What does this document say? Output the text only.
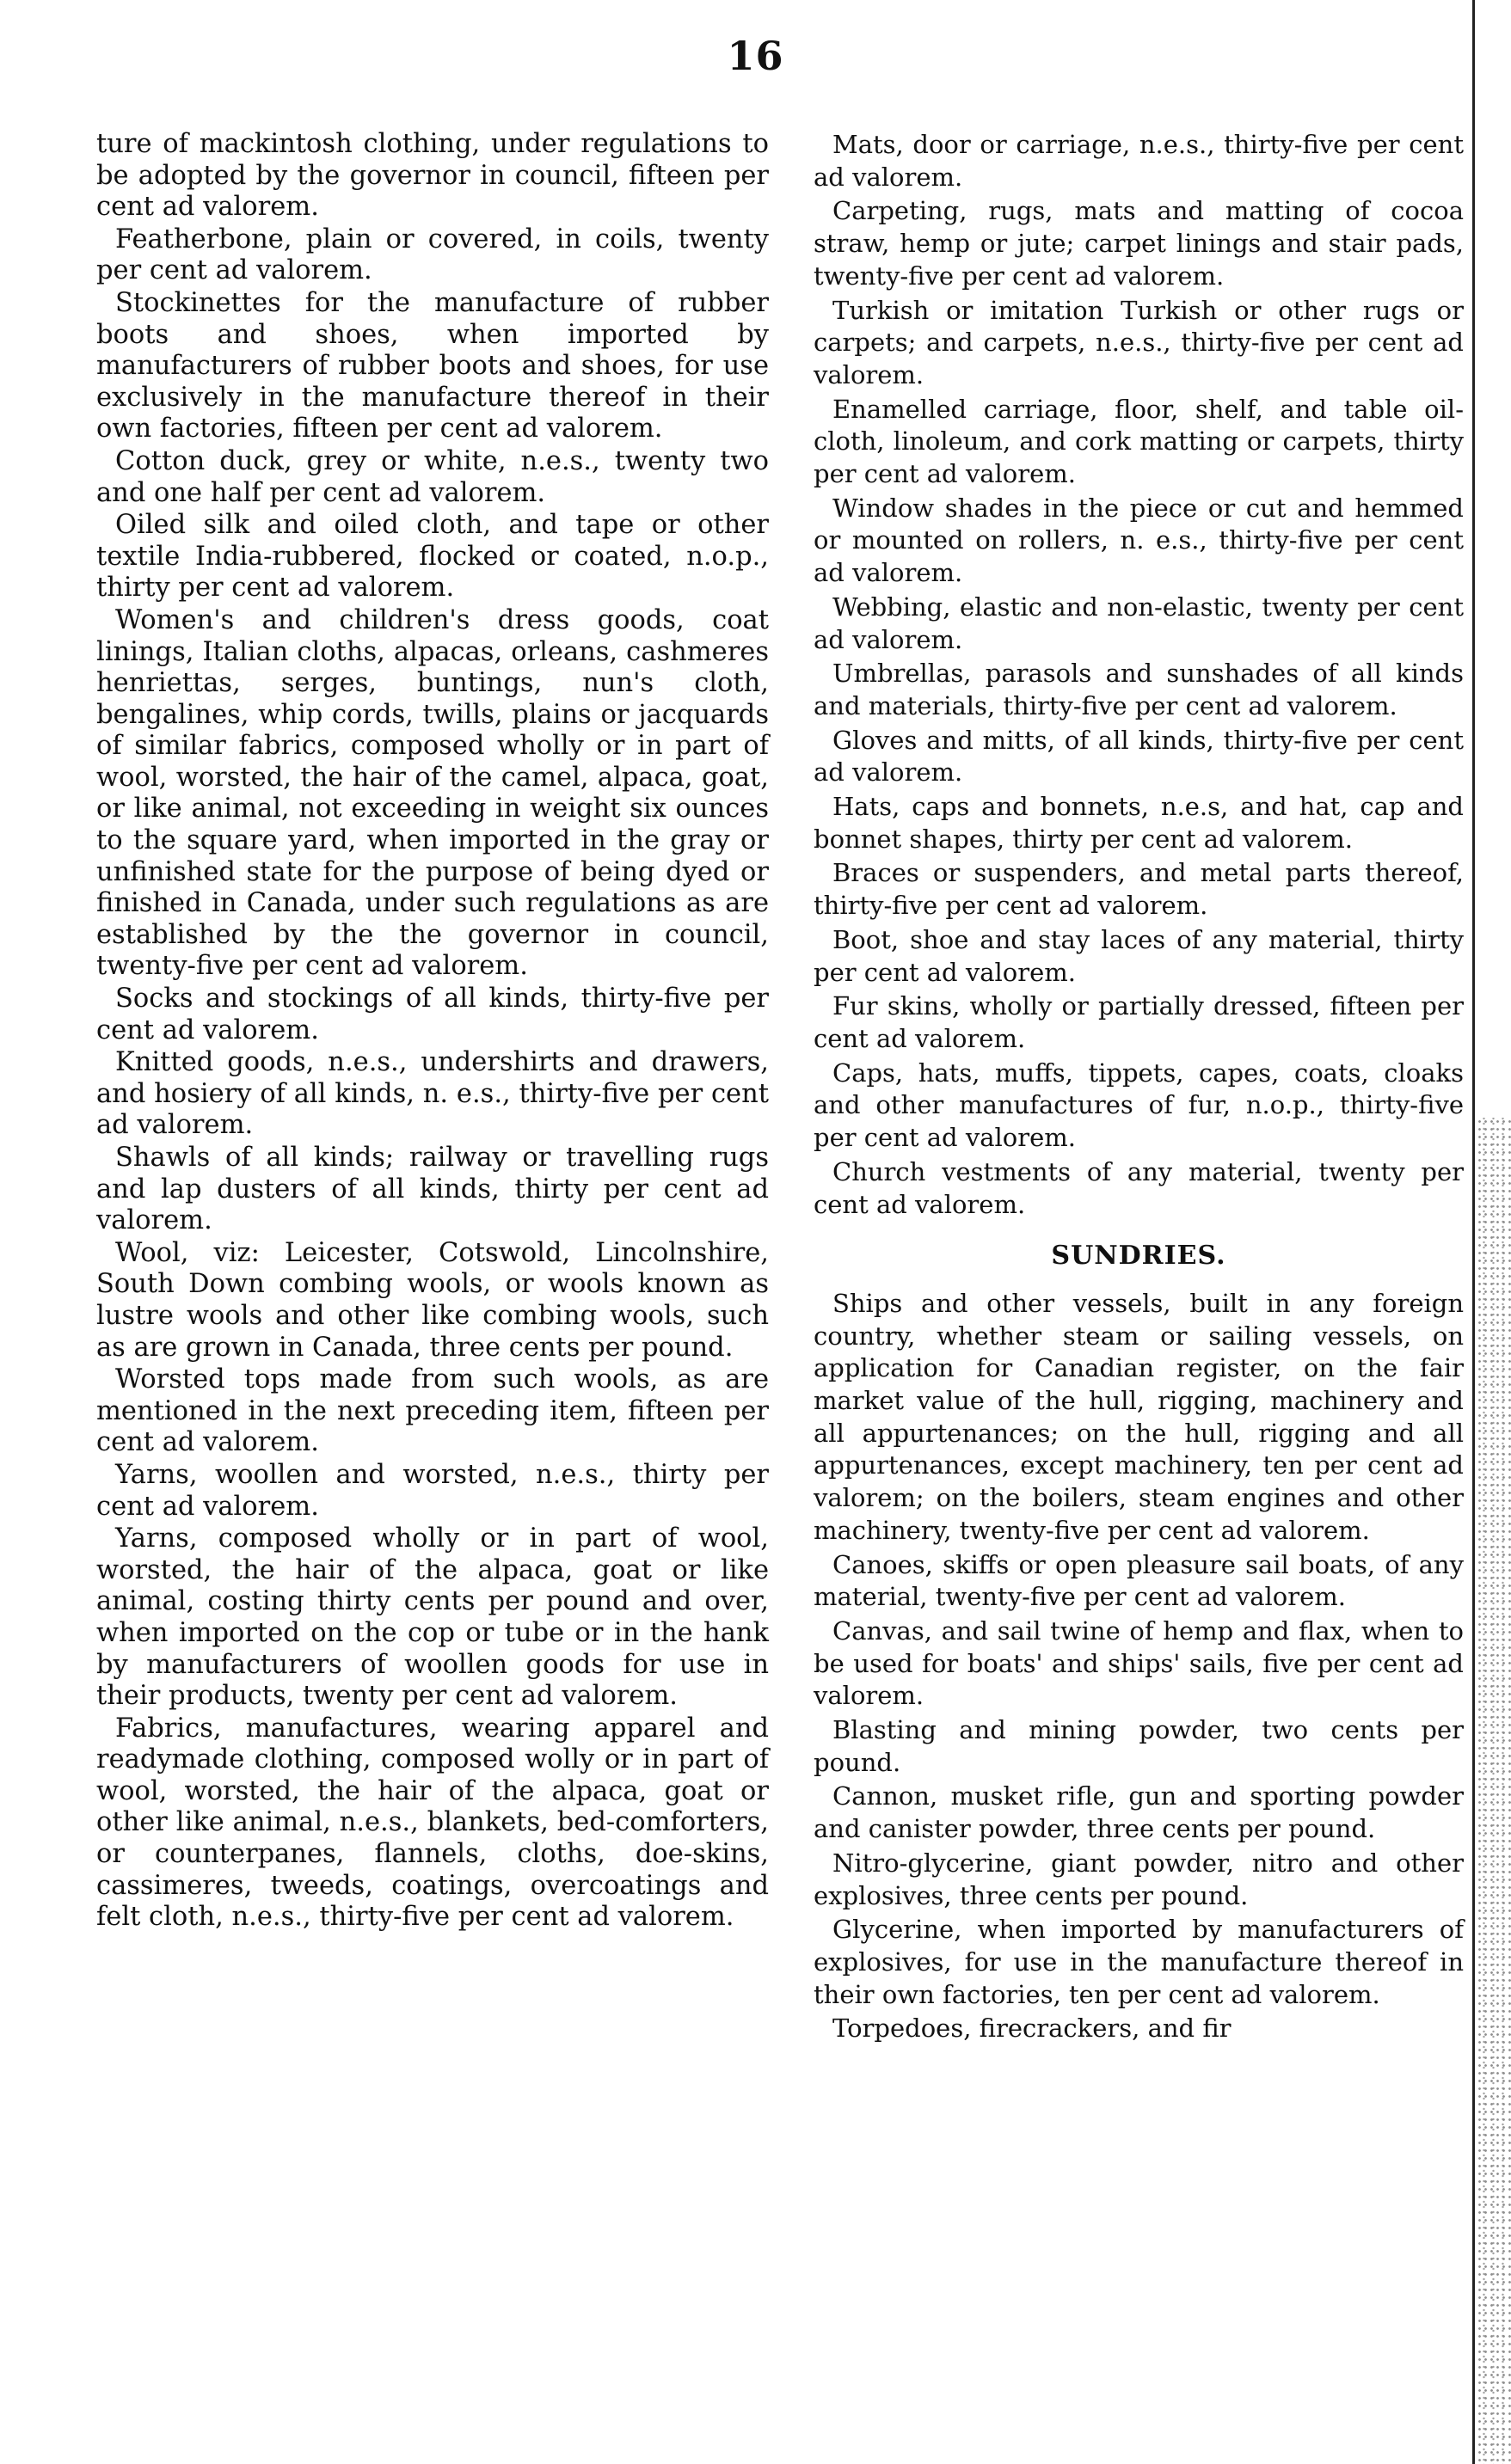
16

ture of mackintosh clothing, under regulations to be adopted by the governor in council, fifteen per cent ad valorem.

Featherbone, plain or covered, in coils, twenty per cent ad valorem.

Stockinettes for the manufacture of rubber boots and shoes, when imported by manufacturers of rubber boots and shoes, for use exclusively in the manufacture thereof in their own factories, fifteen per cent ad valorem.

Cotton duck, grey or white, n.e.s., twenty two and one half per cent ad valorem.

Oiled silk and oiled cloth, and tape or other textile India-rubbered, flocked or coated, n.o.p., thirty per cent ad valorem.

Women's and children's dress goods, coat linings, Italian cloths, alpacas, orleans, cashmeres henriettas, serges, buntings, nun's cloth, bengalines, whip cords, twills, plains or jacquards of similar fabrics, composed wholly or in part of wool, worsted, the hair of the camel, alpaca, goat, or like animal, not exceeding in weight six ounces to the square yard, when imported in the gray or unfinished state for the purpose of being dyed or finished in Canada, under such regulations as are established by the the governor in council, twenty-five per cent ad valorem.

Socks and stockings of all kinds, thirty-five per cent ad valorem.

Knitted goods, n.e.s., undershirts and drawers, and hosiery of all kinds, n. e.s., thirty-five per cent ad valorem.

Shawls of all kinds; railway or travelling rugs and lap dusters of all kinds, thirty per cent ad valorem.

Wool, viz: Leicester, Cotswold, Lincolnshire, South Down combing wools, or wools known as lustre wools and other like combing wools, such as are grown in Canada, three cents per pound.

Worsted tops made from such wools, as are mentioned in the next preceding item, fifteen per cent ad valorem.

Yarns, woollen and worsted, n.e.s., thirty per cent ad valorem.

Yarns, composed wholly or in part of wool, worsted, the hair of the alpaca, goat or like animal, costing thirty cents per pound and over, when imported on the cop or tube or in the hank by manufacturers of woollen goods for use in their products, twenty per cent ad valorem.

Fabrics, manufactures, wearing apparel and readymade clothing, composed wolly or in part of wool, worsted, the hair of the alpaca, goat or other like animal, n.e.s., blankets, bed-comforters, or counterpanes, flannels, cloths, doe-skins, cassimeres, tweeds, coatings, overcoatings and felt cloth, n.e.s., thirty-five per cent ad valorem.

Mats, door or carriage, n.e.s., thirty-five per cent ad valorem.

Carpeting, rugs, mats and matting of cocoa straw, hemp or jute; carpet linings and stair pads, twenty-five per cent ad valorem.

Turkish or imitation Turkish or other rugs or carpets; and carpets, n.e.s., thirty-five per cent ad valorem.

Enamelled carriage, floor, shelf, and table oil-cloth, linoleum, and cork matting or carpets, thirty per cent ad valorem.

Window shades in the piece or cut and hemmed or mounted on rollers, n. e.s., thirty-five per cent ad valorem.

Webbing, elastic and non-elastic, twenty per cent ad valorem.

Umbrellas, parasols and sunshades of all kinds and materials, thirty-five per cent ad valorem.

Gloves and mitts, of all kinds, thirty-five per cent ad valorem.

Hats, caps and bonnets, n.e.s, and hat, cap and bonnet shapes, thirty per cent ad valorem.

Braces or suspenders, and metal parts thereof, thirty-five per cent ad valorem.

Boot, shoe and stay laces of any material, thirty per cent ad valorem.

Fur skins, wholly or partially dressed, fifteen per cent ad valorem.

Caps, hats, muffs, tippets, capes, coats, cloaks and other manufactures of fur, n.o.p., thirty-five per cent ad valorem.

Church vestments of any material, twenty per cent ad valorem.

SUNDRIES.

Ships and other vessels, built in any foreign country, whether steam or sailing vessels, on application for Canadian register, on the fair market value of the hull, rigging, machinery and all appurtenances; on the hull, rigging and all appurtenances, except machinery, ten per cent ad valorem; on the boilers, steam engines and other machinery, twenty-five per cent ad valorem.

Canoes, skiffs or open pleasure sail boats, of any material, twenty-five per cent ad valorem.

Canvas, and sail twine of hemp and flax, when to be used for boats' and ships' sails, five per cent ad valorem.

Blasting and mining powder, two cents per pound.

Cannon, musket rifle, gun and sporting powder and canister powder, three cents per pound.

Nitro-glycerine, giant powder, nitro and other explosives, three cents per pound.

Glycerine, when imported by manufacturers of explosives, for use in the manufacture thereof in their own factories, ten per cent ad valorem.

Torpedoes, firecrackers, and fir
